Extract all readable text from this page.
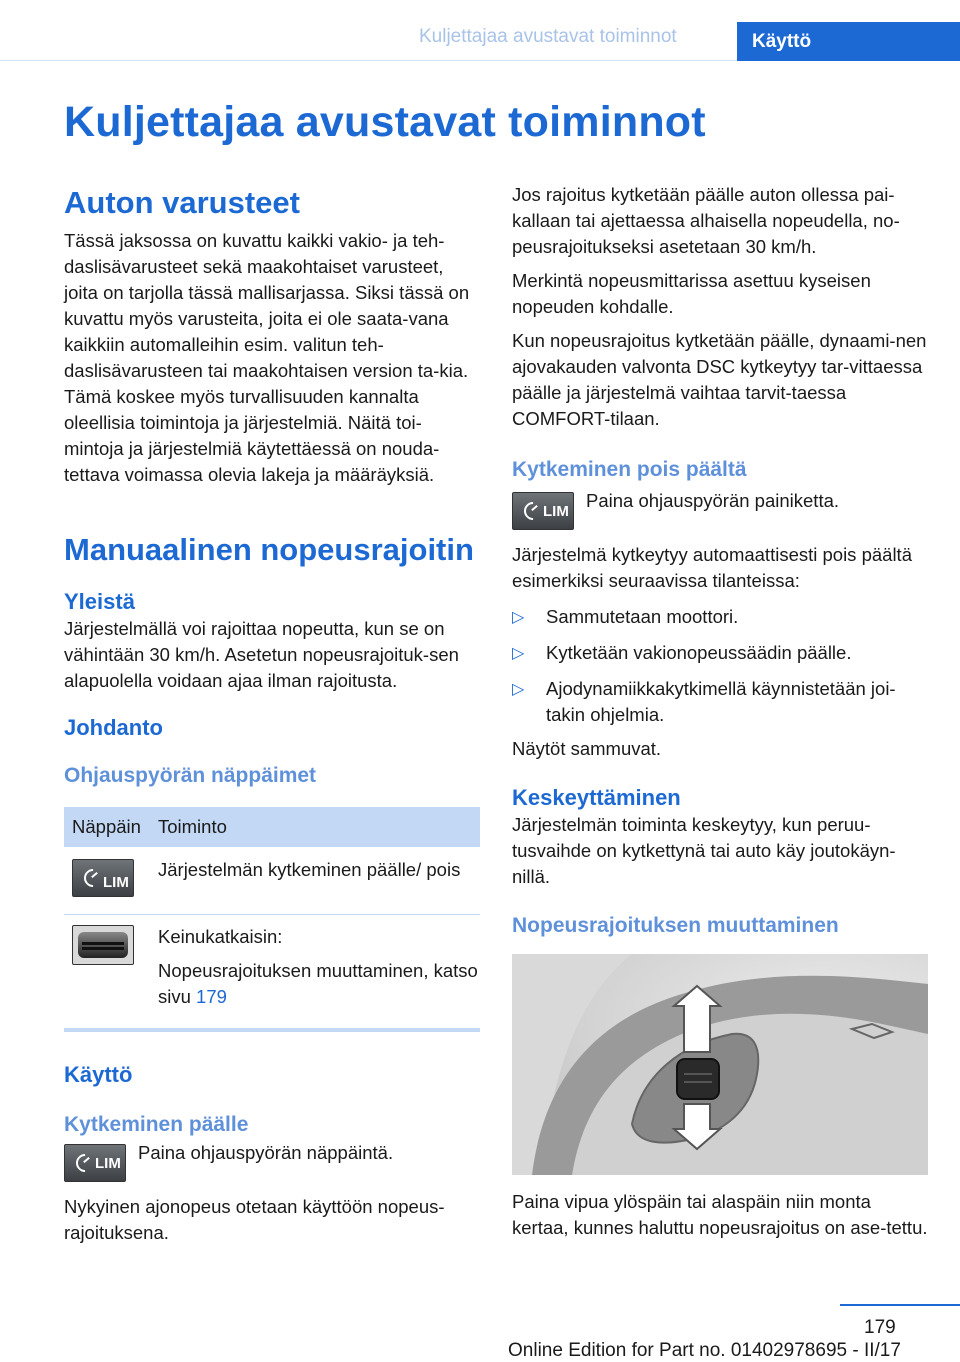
Kuljettajaa avustavat toiminnot	Käyttö
Kuljettajaa avustavat toiminnot
Auton varusteet

Tässä jaksossa on kuvattu kaikki vakio- ja teh-daslisävarusteet sekä maakohtaiset varusteet, joita on tarjolla tässä mallisarjassa. Siksi tässä on kuvattu myös varusteita, joita ei ole saata-vana kaikkiin automalleihin esim. valitun teh-daslisävarusteen tai maakohtaisen version ta-kia. Tämä koskee myös turvallisuuden kannalta oleellisia toimintoja ja järjestelmiä. Näitä toi-mintoja ja järjestelmiä käytettäessä on nouda-tettava voimassa olevia lakeja ja määräyksiä.

Manuaalinen nopeusrajoitin
Yleistä

Järjestelmällä voi rajoittaa nopeutta, kun se on vähintään 30 km/h. Asetetun nopeusrajoituk-sen alapuolella voidaan ajaa ilman rajoitusta.

Johdanto
Ohjauspyörän näppäimet
Näppäin	Toiminto

LIM	Järjestelmän kytkeminen päälle/ pois

	Keinukatkaisin:
Nopeusrajoituksen muuttaminen, katso sivu 179
Käyttö
Kytkeminen päälle
LIM

Paina ohjauspyörän näppäintä.

Nykyinen ajonopeus otetaan käyttöön nopeus-rajoituksena.

Jos rajoitus kytketään päälle auton ollessa pai-kallaan tai ajettaessa alhaisella nopeudella, no-peusrajoitukseksi asetetaan 30 km/h.

Merkintä nopeusmittarissa asettuu kyseisen nopeuden kohdalle.

Kun nopeusrajoitus kytketään päälle, dynaami-nen ajovakauden valvonta DSC kytkeytyy tar-vittaessa päälle ja järjestelmä vaihtaa tarvit-taessa COMFORT-tilaan.

Kytkeminen pois päältä
LIM

Paina ohjauspyörän painiketta.

Järjestelmä kytkeytyy automaattisesti pois päältä esimerkiksi seuraavissa tilanteissa:

▷ Sammutetaan moottori.
▷ Kytketään vakionopeussäädin päälle.
▷ Ajodynamiikkakytkimellä käynnistetään joi-takin ohjelmia.

Näytöt sammuvat.

Keskeyttäminen

Järjestelmän toiminta keskeytyy, kun peruu-tusvaihde on kytkettynä tai auto käy joutokäyn-nillä.

Nopeusrajoituksen muuttaminen

Paina vipua ylöspäin tai alaspäin niin monta kertaa, kunnes haluttu nopeusrajoitus on ase-tettu.

179
Online Edition for Part no. 01402978695 - II/17
